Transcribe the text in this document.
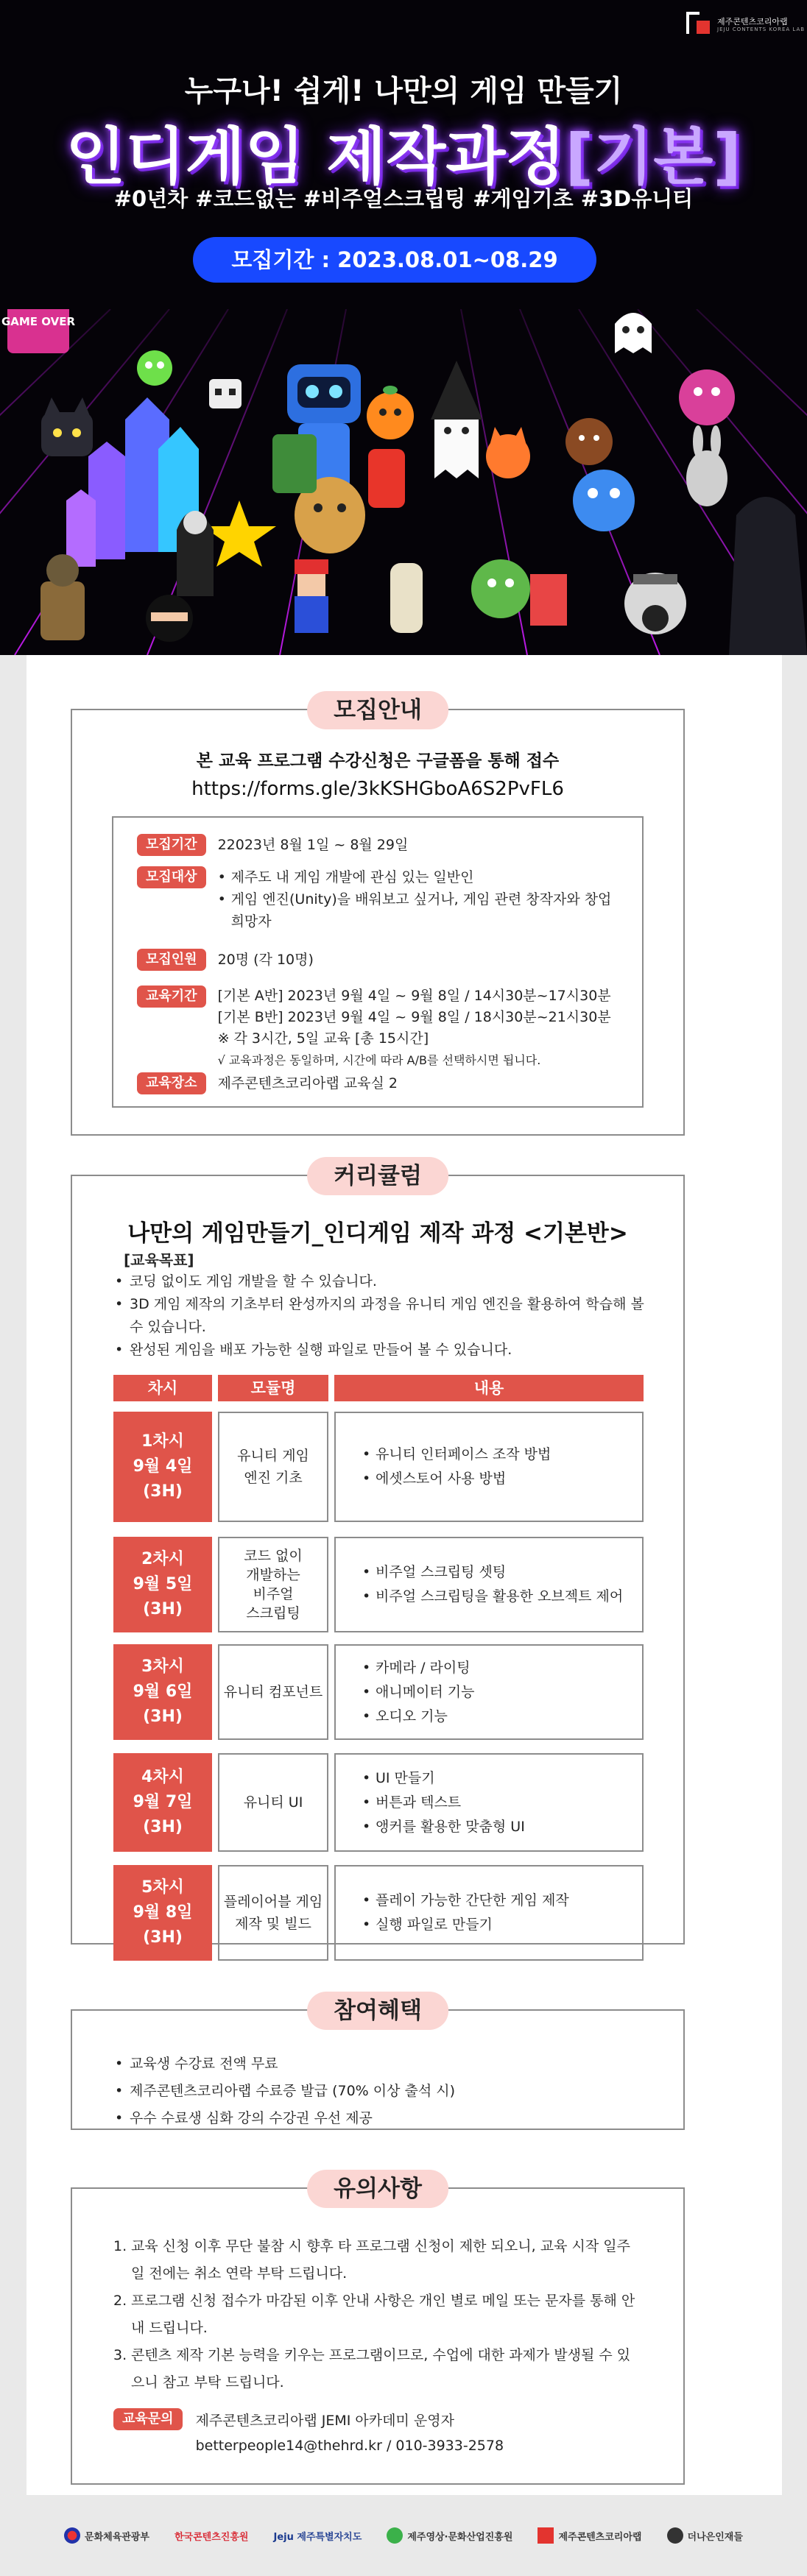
제주콘텐츠코리아랩
JEJU CONTENTS KOREA LAB
누구나! 쉽게! 나만의 게임 만들기
인디게임 제작과정[기본]
#0년차 #코드없는 #비주얼스크립팅 #게임기초 #3D유니티
모집기간 : 2023.08.01~08.29
GAME OVER
모집안내
본 교육 프로그램 수강신청은 구글폼을 통해 접수
https://forms.gle/3kKSHGboA6S2PvFL6
모집기간	22023년 8월 1일 ~ 8월 29일
모집대상
•	제주도 내 게임 개발에 관심 있는 일반인
• 게임 엔진(Unity)을 배워보고 싶거나, 게임 관련 창작자와 창업 희망자
모집인원	20명 (각 10명)
교육기간	[기본 A반] 2023년 9월 4일 ~ 9월 8일 / 14시30분~17시30분
[기본 B반] 2023년 9월 4일 ~ 9월 8일 / 18시30분~21시30분
※ 각 3시간, 5일 교육 [총 15시간]
√ 교육과정은 동일하며, 시간에 따라 A/B를 선택하시면 됩니다.
교육장소	제주콘텐츠코리아랩 교육실 2
커리큘럼
나만의 게임만들기_인디게임 제작 과정 <기본반>
[교육목표]
• 코딩 없이도 게임 개발을 할 수 있습니다.
• 3D 게임 제작의 기초부터 완성까지의 과정을 유니티 게임 엔진을 활용하여 학습해 볼 수 있습니다.
• 완성된 게임을 배포 가능한 실행 파일로 만들어 볼 수 있습니다.
차시	모듈명	내용
1차시
9월 4일
(3H)
유니티 게임
엔진 기초
• 유니티 인터페이스 조작 방법
• 에셋스토어 사용 방법
2차시
9월 5일
(3H)
코드 없이
개발하는
비주얼
스크립팅
• 비주얼 스크립팅 셋팅
• 비주얼 스크립팅을 활용한 오브젝트 제어
3차시
9월 6일
(3H)
유니티 컴포넌트
• 카메라 / 라이팅
• 애니메이터 기능
• 오디오 기능
4차시
9월 7일
(3H)
유니티 UI
• UI 만들기
• 버튼과 텍스트
• 앵커를 활용한 맞춤형 UI
5차시
9월 8일
(3H)
플레이어블 게임
제작 및 빌드
• 플레이 가능한 간단한 게임 제작
• 실행 파일로 만들기
참여혜택
• 교육생 수강료 전액 무료
• 제주콘텐츠코리아랩 수료증 발급 (70% 이상 출석 시)
• 우수 수료생 심화 강의 수강권 우선 제공
유의사항
1. 교육 신청 이후 무단 불참 시 향후 타 프로그램 신청이 제한 되오니, 교육 시작 일주일 전에는 취소 연락 부탁 드립니다.
2. 프로그램 신청 접수가 마감된 이후 안내 사항은 개인 별로 메일 또는 문자를 통해 안내 드립니다.
3. 콘텐츠 제작 기본 능력을 키우는 프로그램이므로, 수업에 대한 과제가 발생될 수 있으니 참고 부탁 드립니다.
교육문의	제주콘텐츠코리아랩 JEMI 아카데미 운영자
betterpeople14@thehrd.kr / 010-3933-2578
문화체육관광부	한국콘텐츠진흥원	Jeju 제주특별자치도	제주영상·문화산업진흥원	제주콘텐츠코리아랩	더나은인재들
